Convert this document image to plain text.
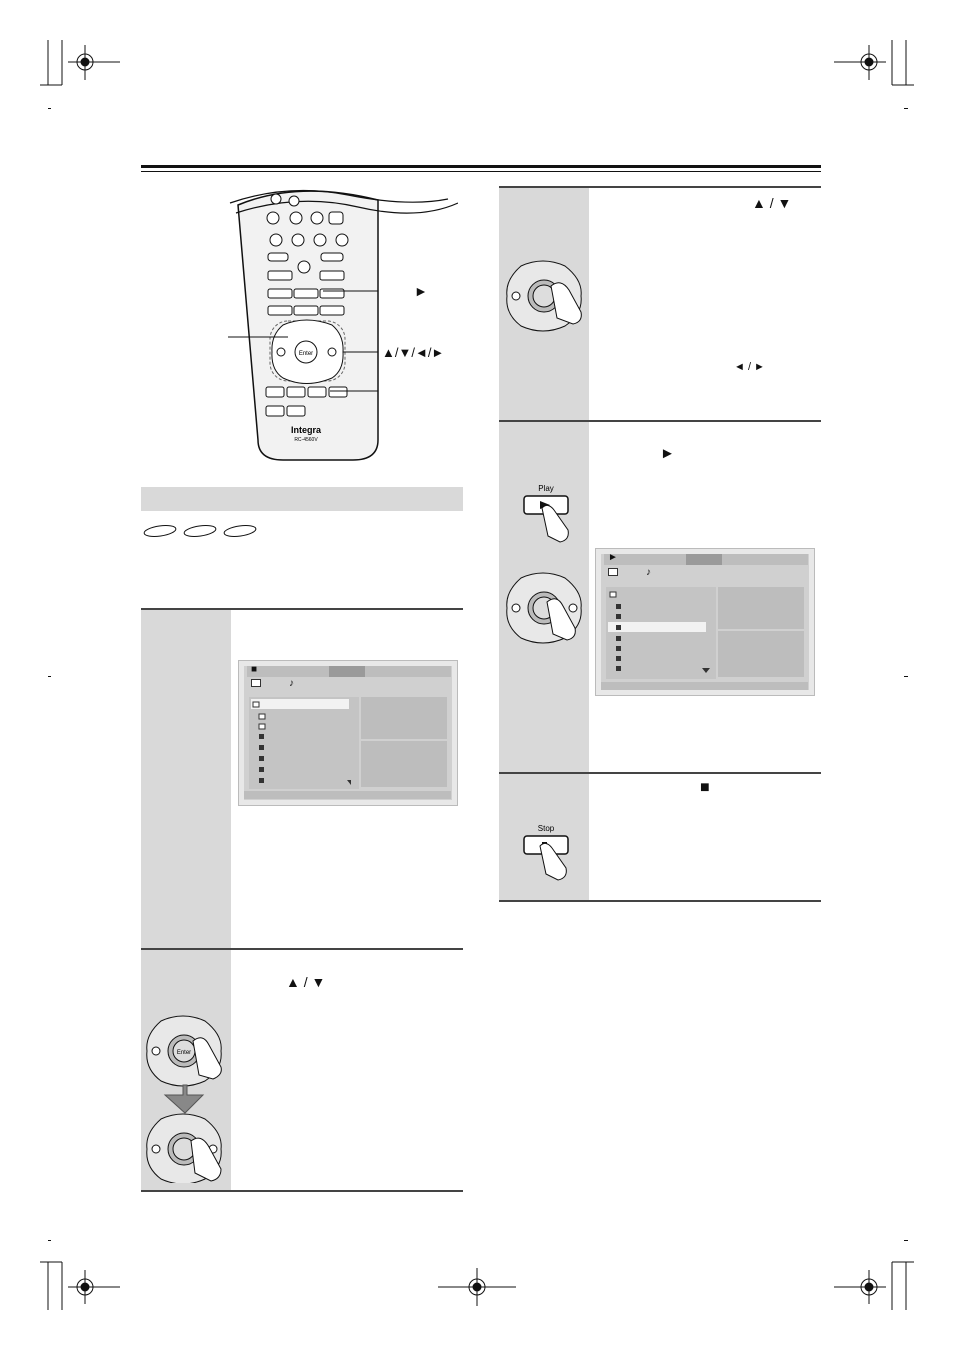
Enter
Integra
RC-4560V
►
▲/▼/◄/►
■
♪
▲ / ▼
Enter
▲ / ▼
◄ / ►
►
Play
►
♪
■
Stop
